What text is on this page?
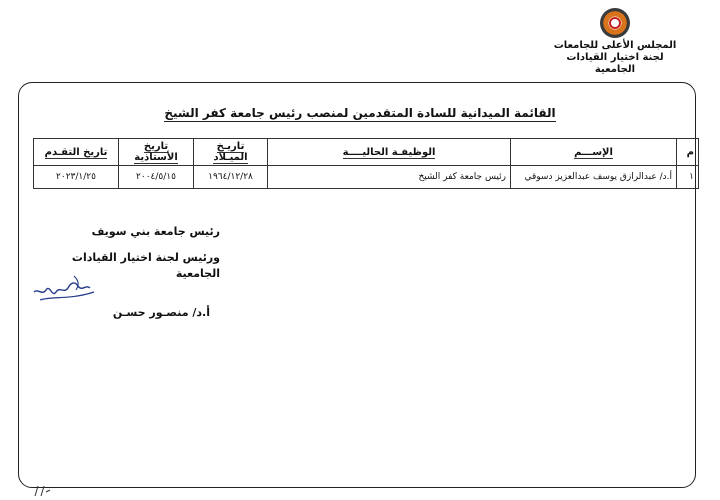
المجلس الأعلى للجامعات
لجنة اختيار القيادات الجامعية
القائمة الميدانية للسادة المتقدمين لمنصب رئيس جامعة كفر الشيخ
م	الإســـم	الوظيفـة الحاليــــة	تاريـخ الميـلاد	تاريخ الأستاذية	تاريخ التقـدم
١	أ.د/ عبدالرازق يوسف عبدالعزيز دسوقي	رئيس جامعة كفر الشيخ	١٩٦٤/١٢/٢٨	٢٠٠٤/٥/١٥	٢٠٢٣/١/٢٥
رئيس جامعة بني سويف
ورئيس لجنة اختيار القيادات الجامعية
أ.د/ منصـور حسـن
